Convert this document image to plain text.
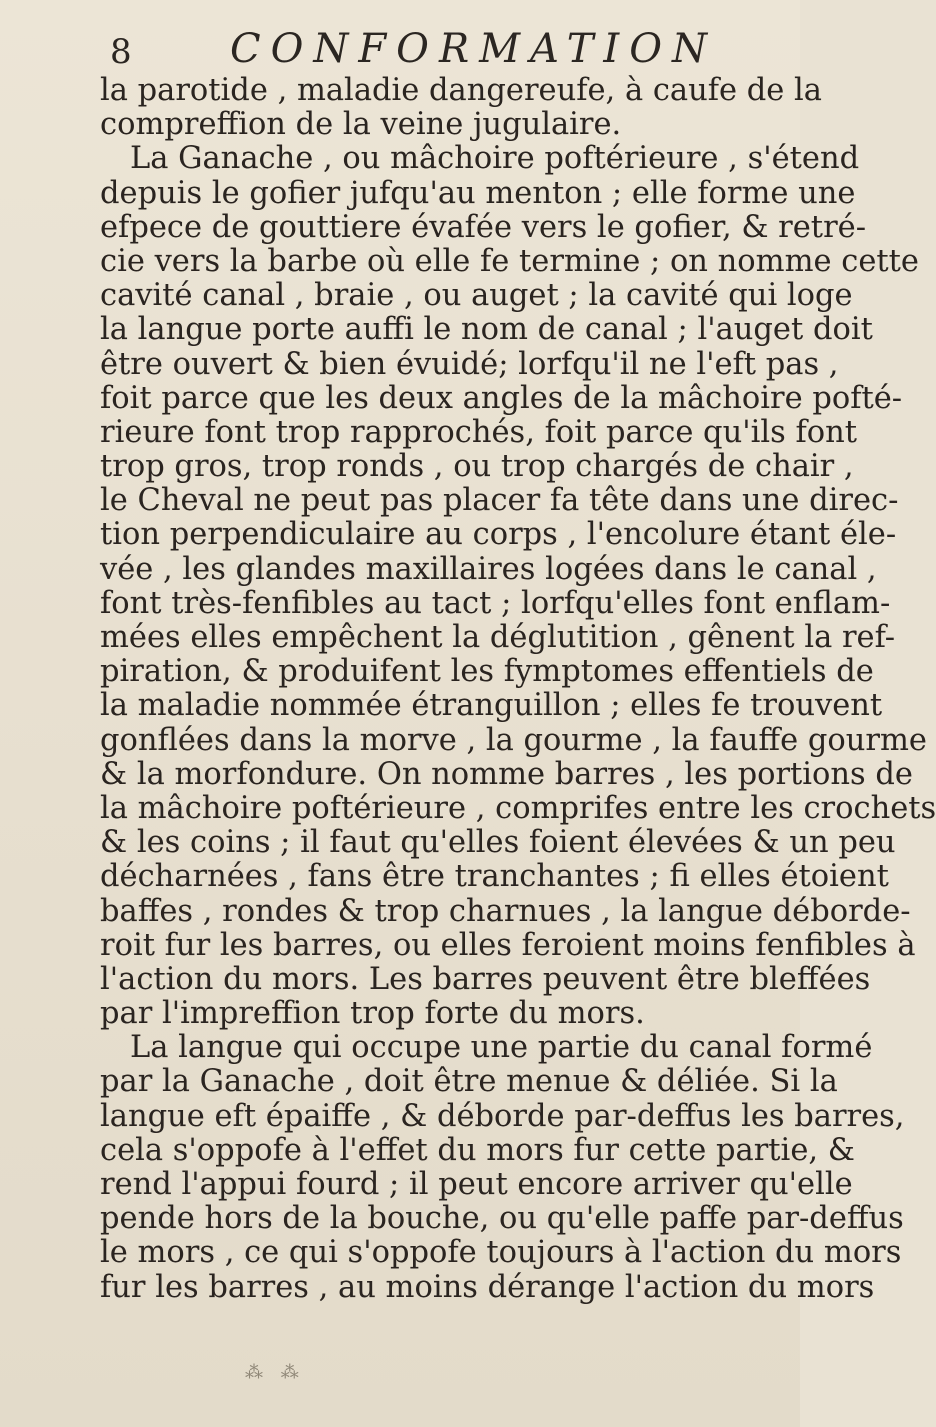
8 CONFORMATION
la parotide , maladie dangereufe, à caufe de la
compreffion de la veine jugulaire.
La Ganache , ou mâchoire poftérieure , s'étend
depuis le gofier jufqu'au menton ; elle forme une
efpece de gouttiere évafée vers le gofier, & retré-
cie vers la barbe où elle fe termine ; on nomme cette
cavité canal , braie , ou auget ; la cavité qui loge
la langue porte auffi le nom de canal ; l'auget doit
être ouvert & bien évuidé; lorfqu'il ne l'eft pas ,
foit parce que les deux angles de la mâchoire pofté-
rieure font trop rapprochés, foit parce qu'ils font
trop gros, trop ronds , ou trop chargés de chair ,
le Cheval ne peut pas placer fa tête dans une direc-
tion perpendiculaire au corps , l'encolure étant éle-
vée , les glandes maxillaires logées dans le canal ,
font très-fenfibles au tact ; lorfqu'elles font enflam-
mées elles empêchent la déglutition , gênent la ref-
piration, & produifent les fymptomes effentiels de
la maladie nommée étranguillon ; elles fe trouvent
gonflées dans la morve , la gourme , la fauffe gourme
& la morfondure. On nomme barres , les portions de
la mâchoire poftérieure , comprifes entre les crochets
& les coins ; il faut qu'elles foient élevées & un peu
décharnées , fans être tranchantes ; fi elles étoient
baffes , rondes & trop charnues , la langue déborde-
roit fur les barres, ou elles feroient moins fenfibles à
l'action du mors. Les barres peuvent être bleffées
par l'impreffion trop forte du mors.
La langue qui occupe une partie du canal formé
par la Ganache , doit être menue & déliée. Si la
langue eft épaiffe , & déborde par-deffus les barres,
cela s'oppofe à l'effet du mors fur cette partie, &
rend l'appui fourd ; il peut encore arriver qu'elle
pende hors de la bouche, ou qu'elle paffe par-deffus
le mors , ce qui s'oppofe toujours à l'action du mors
fur les barres , au moins dérange l'action du mors
⁂ ⁂
